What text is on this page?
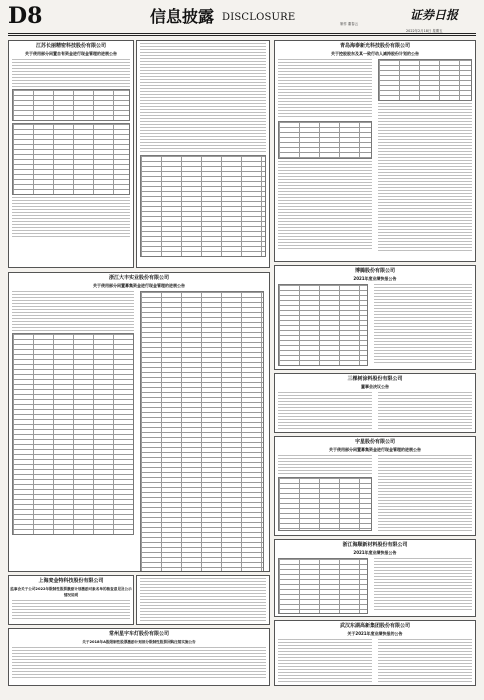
D8	信息披露 DISCLOSURE	证券日报
制作 董春云
2022年2月18日 星期五
江苏长丽精密科技股份有限公司
关于使用部分闲置自有资金进行现金管理的进展公告
浙江大丰实业股份有限公司
关于使用部分闲置募集资金进行现金管理的进展公告
上海麦金特科技股份有限公司
监事会关于公司2022年限制性股票激励计划激励对象名单的核查意见及公示情况说明
常州星宇车灯股份有限公司
关于2018年A股限制性股票激励计划部分限制性股票回购注销实施公告
青岛海泰新光科技股份有限公司
关于控股股东及其一致行动人减持股份计划的公告
博腾股份有限公司
2021年度业绩快报公告
三棵树涂料股份有限公司
董事会决议公告
宇星股份有限公司
关于使用部分闲置募集资金进行现金管理的进展公告
浙江海顺新材料股份有限公司
2021年度业绩快报公告
武汉东湖高新集团股份有限公司
关于2021年度业绩快报的公告
